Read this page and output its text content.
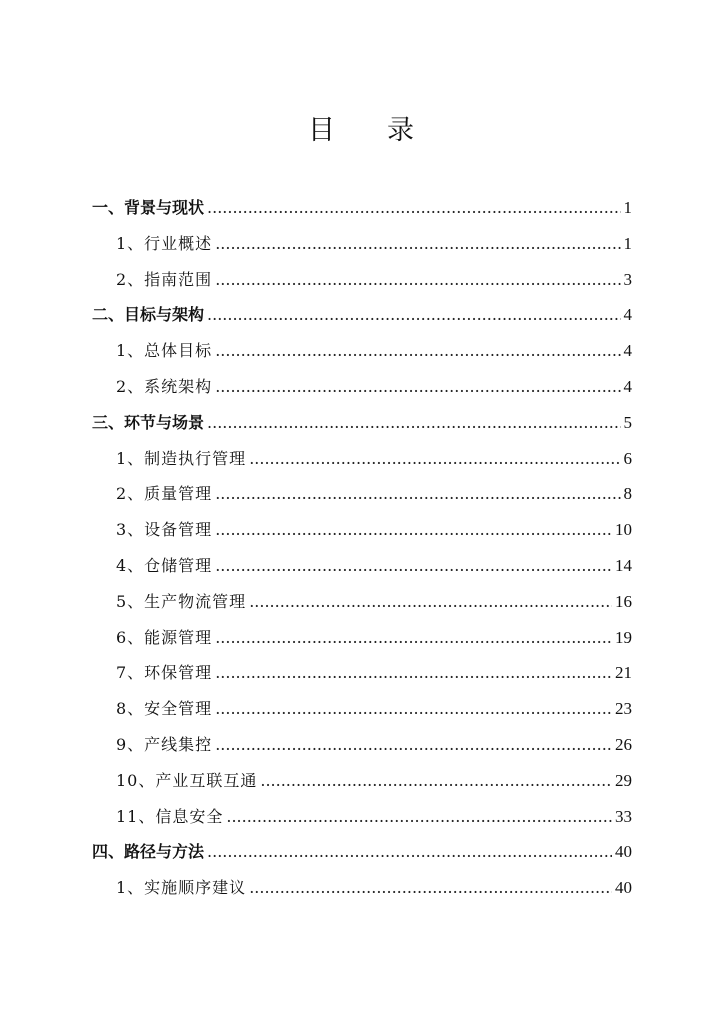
目 录
一、背景与现状 .....	1
1、行业概述 .....	1
2、指南范围 .....	3
二、目标与架构 .....	4
1、总体目标 .....	4
2、系统架构 .....	4
三、环节与场景 .....	5
1、制造执行管理 .....	6
2、质量管理 .....	8
3、设备管理 .....	10
4、仓储管理 .....	14
5、生产物流管理 .....	16
6、能源管理 .....	19
7、环保管理 .....	21
8、安全管理 .....	23
9、产线集控 .....	26
10、产业互联互通 .....	29
11、信息安全 .....	33
四、路径与方法 .....	40
1、实施顺序建议 .....	40
